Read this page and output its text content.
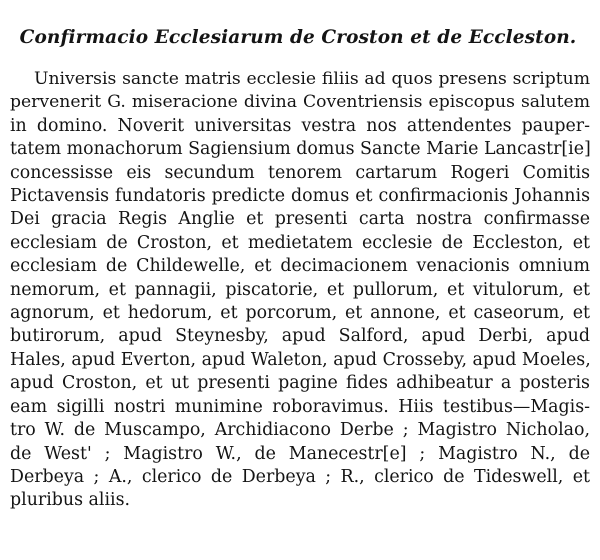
Confirmacio Ecclesiarum de Croston et de Eccleston.
Universis sancte matris ecclesie filiis ad quos presens scriptum
pervenerit G. miseracione divina Coventriensis episcopus salutem
in domino. Noverit universitas vestra nos attendentes pauper-
tatem monachorum Sagiensium domus Sancte Marie Lancastr[ie]
concessisse eis secundum tenorem cartarum Rogeri Comitis
Pictavensis fundatoris predicte domus et confirmacionis Johannis
Dei gracia Regis Anglie et presenti carta nostra confirmasse
ecclesiam de Croston, et medietatem ecclesie de Eccleston, et
ecclesiam de Childewelle, et decimacionem venacionis omnium
nemorum, et pannagii, piscatorie, et pullorum, et vitulorum, et
agnorum, et hedorum, et porcorum, et annone, et caseorum, et
butirorum, apud Steynesby, apud Salford, apud Derbi, apud
Hales, apud Everton, apud Waleton, apud Crosseby, apud Moeles,
apud Croston, et ut presenti pagine fides adhibeatur a posteris
eam sigilli nostri munimine roboravimus. Hiis testibus—Magis-
tro W. de Muscampo, Archidiacono Derbe ; Magistro Nicholao,
de West' ; Magistro W., de Manecestr[e] ; Magistro N., de
Derbeya ; A., clerico de Derbeya ; R., clerico de Tideswell, et
pluribus aliis.
